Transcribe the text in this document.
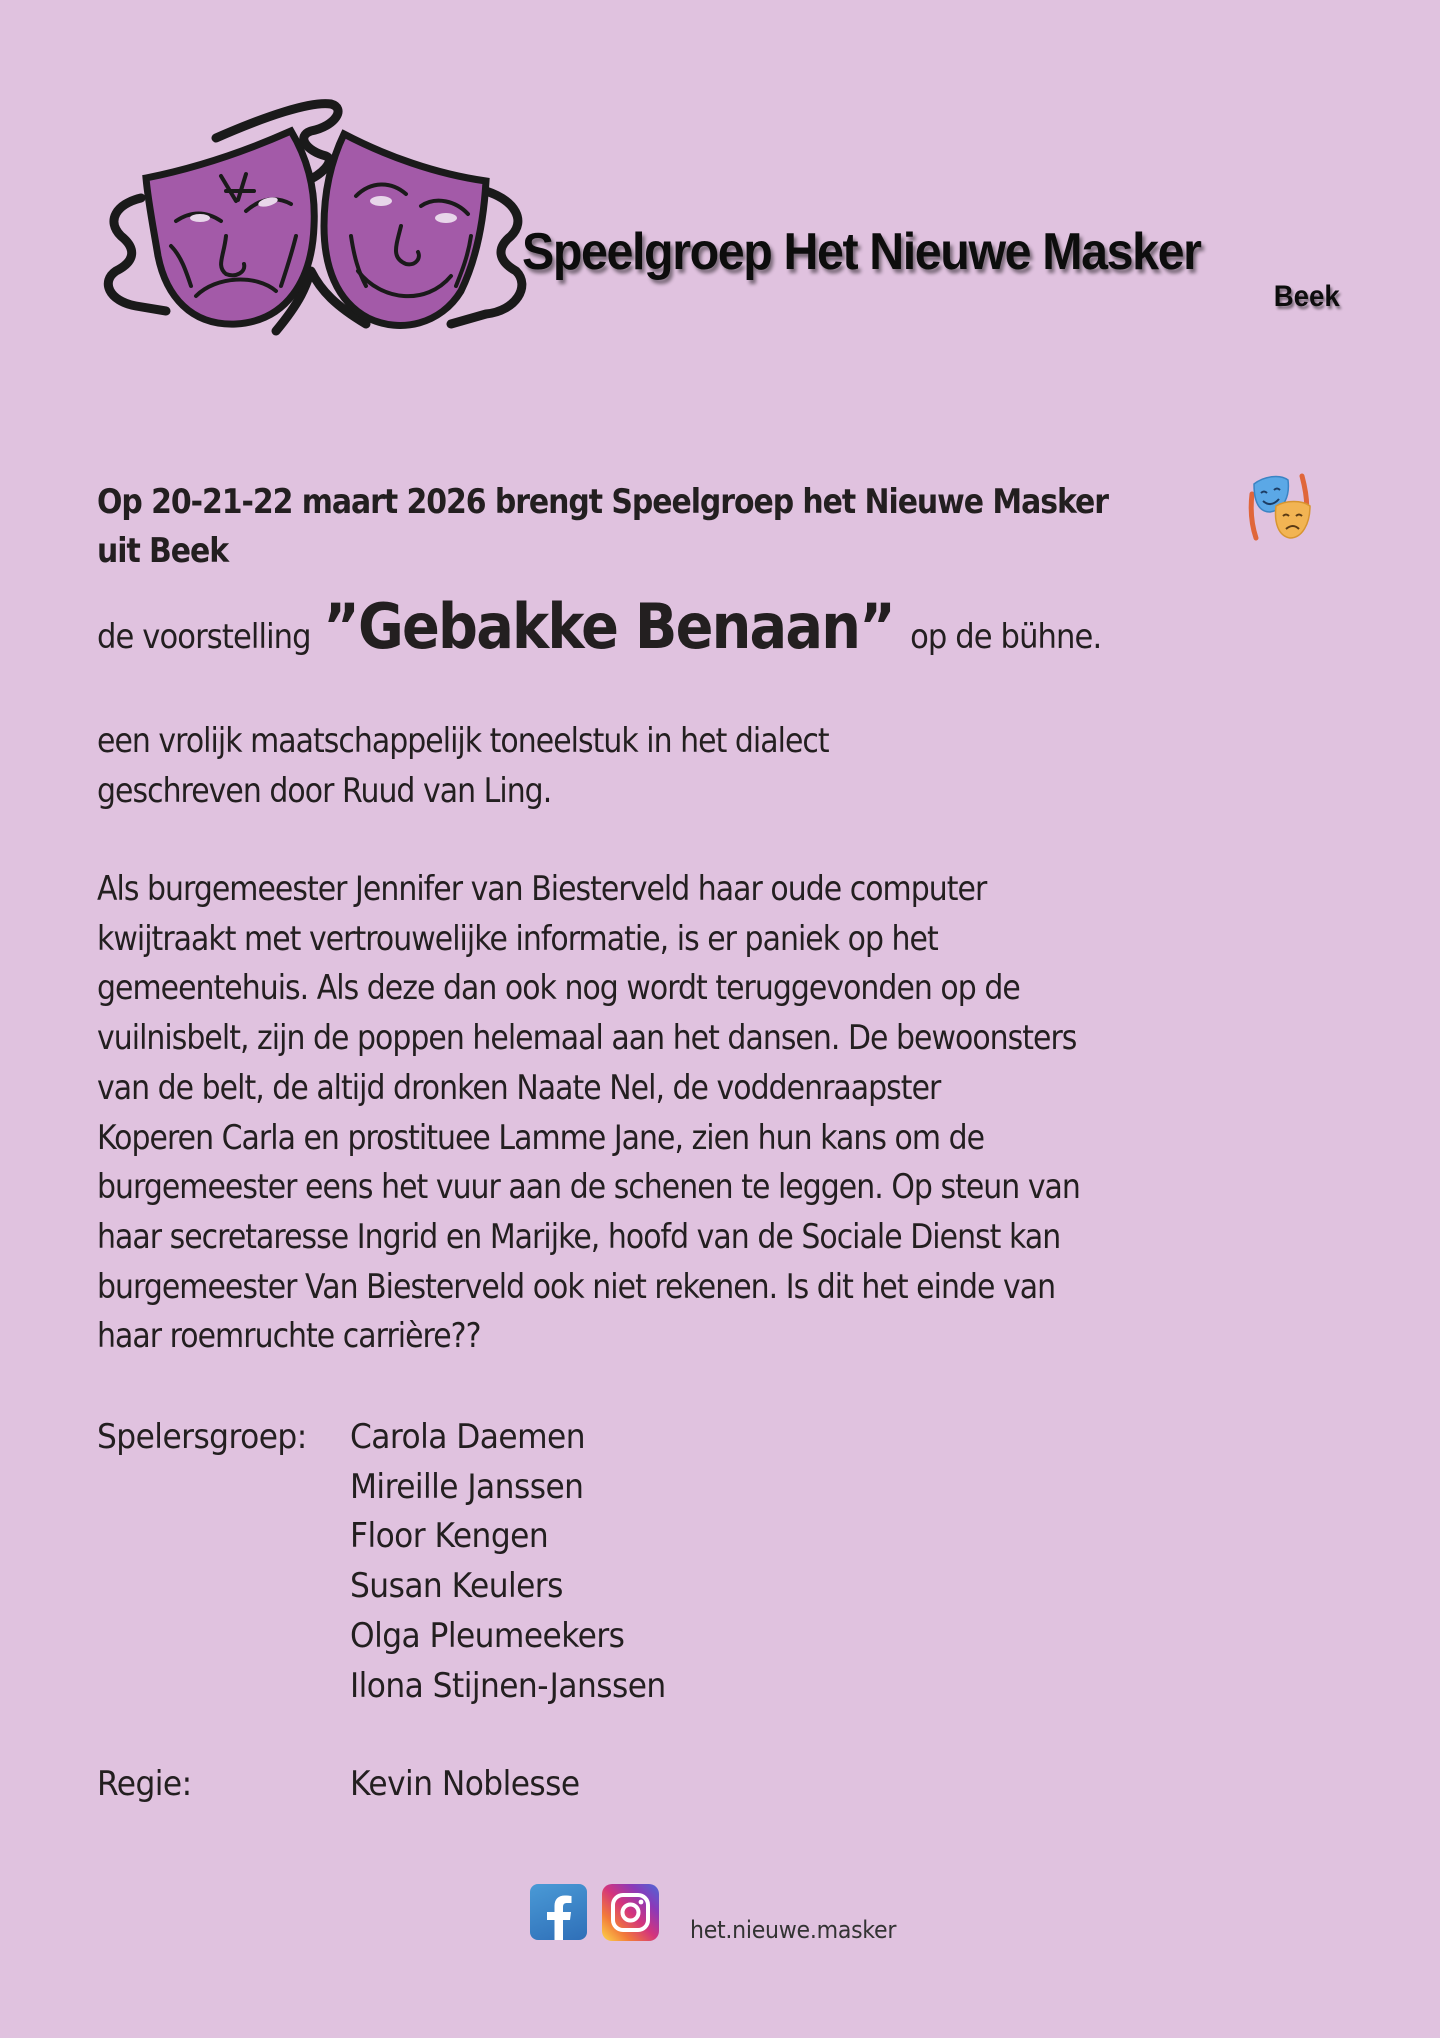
Speelgroep Het Nieuwe Masker
Beek
Op 20-21-22 maart 2026 brengt Speelgroep het Nieuwe Masker
uit Beek
de voorstelling ”Gebakke Benaan” op de bühne.

een vrolijk maatschappelijk toneelstuk in het dialect
geschreven door Ruud van Ling.

Als burgemeester Jennifer van Biesterveld haar oude computer
kwijtraakt met vertrouwelijke informatie, is er paniek op het
gemeentehuis. Als deze dan ook nog wordt teruggevonden op de
vuilnisbelt, zijn de poppen helemaal aan het dansen. De bewoonsters
van de belt, de altijd dronken Naate Nel, de voddenraapster
Koperen Carla en prostituee Lamme Jane, zien hun kans om de
burgemeester eens het vuur aan de schenen te leggen. Op steun van
haar secretaresse Ingrid en Marijke, hoofd van de Sociale Dienst kan
burgemeester Van Biesterveld ook niet rekenen. Is dit het einde van
haar roemruchte carrière??

Spelersgroep: Carola Daemen
Mireille Janssen
Floor Kengen
Susan Keulers
Olga Pleumeekers
Ilona Stijnen-Janssen
Regie:	Kevin Noblesse
het.nieuwe.masker
